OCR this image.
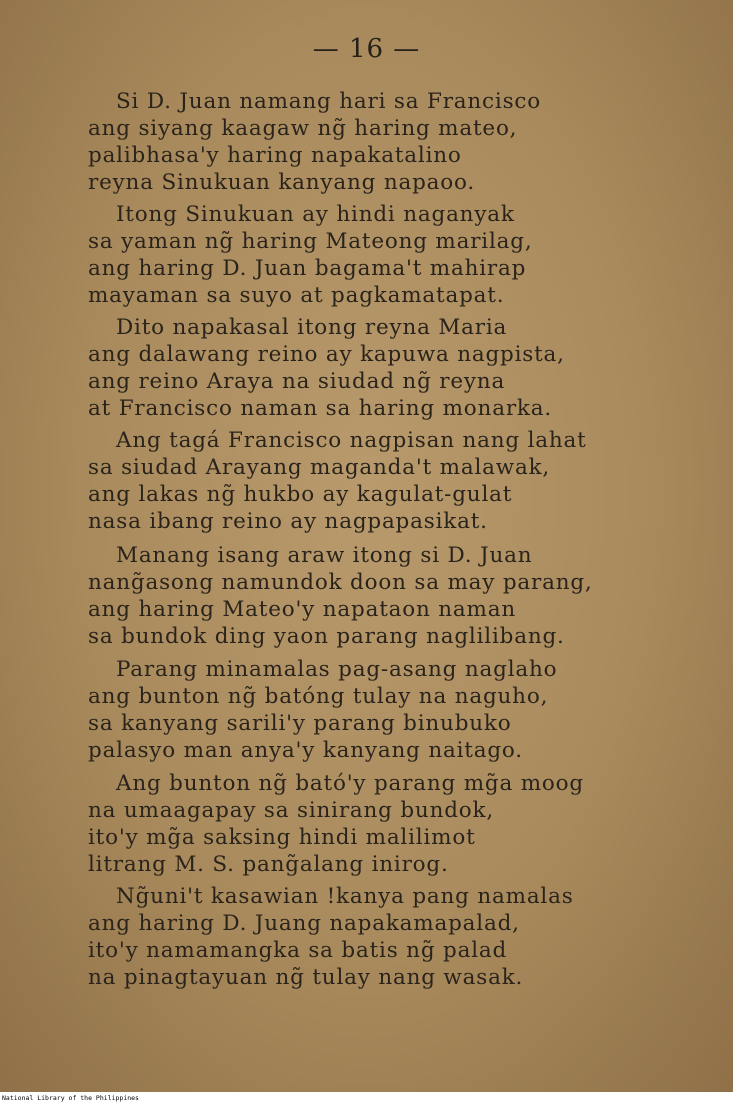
— 16 —
Si D. Juan namang hari sa Francisco
ang siyang kaagaw ng̃ haring mateo,
palibhasa'y haring napakatalino
reyna Sinukuan kanyang napaoo.
Itong Sinukuan ay hindi naganyak
sa yaman ng̃ haring Mateong marilag,
ang haring D. Juan bagama't mahirap
mayaman sa suyo at pagkamatapat.
Dito napakasal itong reyna Maria
ang dalawang reino ay kapuwa nagpista,
ang reino Araya na siudad ng̃ reyna
at Francisco naman sa haring monarka.
Ang tagá Francisco nagpisan nang lahat
sa siudad Arayang maganda't malawak,
ang lakas ng̃ hukbo ay kagulat-gulat
nasa ibang reino ay nagpapasikat.
Manang isang araw itong si D. Juan
nang̃asong namundok doon sa may parang,
ang haring Mateo'y napataon naman
sa bundok ding yaon parang naglilibang.
Parang minamalas pag-asang naglaho
ang bunton ng̃ batóng tulay na naguho,
sa kanyang sarili'y parang binubuko
palasyo man anya'y kanyang naitago.
Ang bunton ng̃ bató'y parang mg̃a moog
na umaagapay sa sinirang bundok,
ito'y mg̃a saksing hindi malilimot
litrang M. S. pang̃alang inirog.
Ng̃uni't kasawian !kanya pang namalas
ang haring D. Juang napakamapalad,
ito'y namamangka sa batis ng̃ palad
na pinagtayuan ng̃ tulay nang wasak.
National Library of the Philippines
